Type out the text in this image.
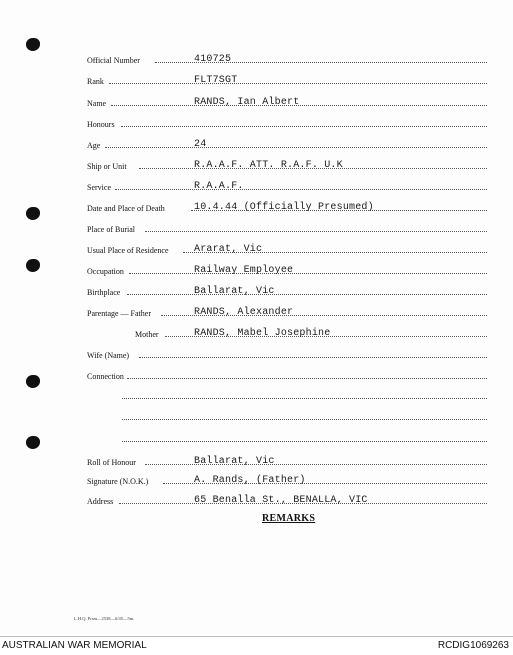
Official Number	410725
Rank	FLT7SGT
Name	RANDS, Ian Albert
Honours
Age	24
Ship or Unit	R.A.A.F. ATT. R.A.F. U.K
Service	R.A.A.F.
Date and Place of Death	10.4.44 (Officially Presumed)
Place of Burial
Usual Place of Residence	Ararat, Vic
Occupation	Railway Employee
Birthplace	Ballarat, Vic
Parentage — Father	RANDS, Alexander
Mother	RANDS, Mabel Josephine
Wife (Name)
Connection
Roll of Honour	Ballarat, Vic
Signature (N.O.K.)	A. Rands, (Father)
Address	65 Benalla St., BENALLA, VIC
REMARKS
L.H.Q. Prsm—2538—6/45—5m.
AUSTRALIAN WAR MEMORIAL	RCDIG1069263
